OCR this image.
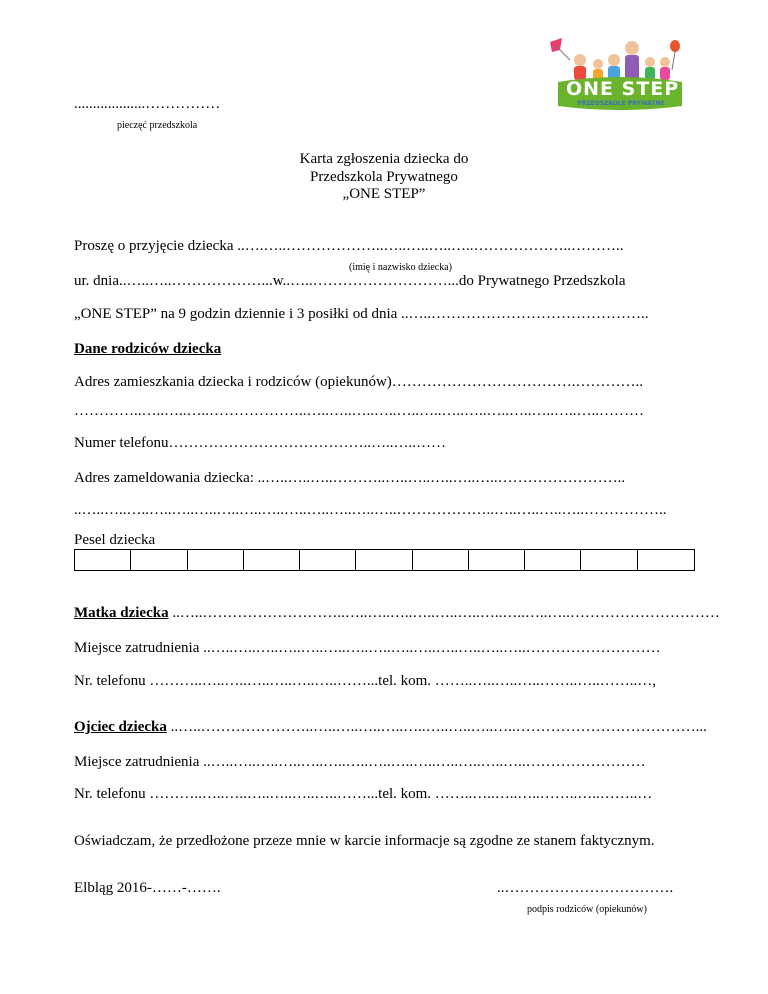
...................……………
pieczęć przedszkola
ONE STEP
PRZEDSZKOLE PRYWATNE
Karta zgłoszenia dziecka do
Przedszkola Prywatnego
„ONE STEP”
Proszę o przyjęcie dziecka ..….…..………………..…..…..…..…..………………..………..
(imię i nazwisko dziecka)
ur. dnia..…..…..………………...w..…..………………………...do Prywatnego Przedszkola
„ONE STEP” na 9 godzin dziennie i 3 posiłki od dnia ..…..……………………………………..
Dane rodziców dziecka
Adres zamieszkania dziecka i rodziców (opiekunów)……………………………….…………..
…………..…..…..…..………………..…..…..…..…..…..…..…..…..…..…..…..…..…..………
Numer telefonu…………………………………..…..…..……
Adres zameldowania dziecka: ..…..…..…..………..…..…..…..…..…..……………………..
..…..…..…..…..…..…..…..…..…..…..…..…..…..…..………………..…..…..…..…..……………..
Pesel dziecka
Matka dziecka ..…..………………………..…..…..…..…..…..…..…..…..…..…..…………………………
Miejsce zatrudnienia ..…..…..…..…..…..…..…..…..…..…..…..…..…..…..………………………
Nr. telefonu ………..…..…..…..…..…..…..……...tel. kom. ……..…..…..…..……..…..……..…,
Ojciec dziecka ..…..…………………..…..…..…..…..…..…..…..…..…..………………………………...
Miejsce zatrudnienia ..…..…..…..…..…..…..…..…..…..…..…..…..…..…..……………………
Nr. telefonu ………..…..…..…..…..…..…..……...tel. kom. ……..…..…..…..……..…..……..…
Oświadczam, że przedłożone przeze mnie w karcie informacje są zgodne ze stanem faktycznym.
Elbląg 2016-……-…….	..…………………………….
podpis rodziców (opiekunów)
